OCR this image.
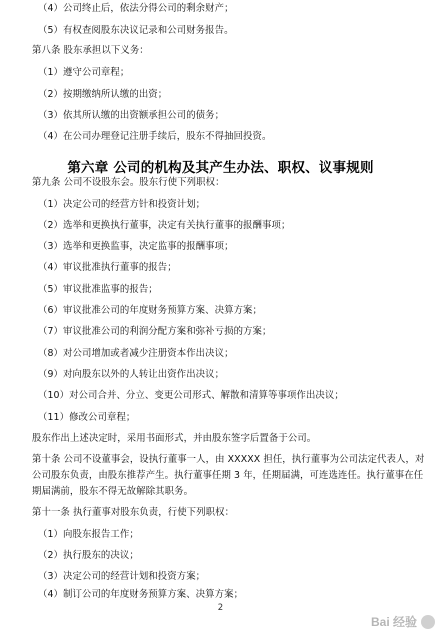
（4）公司终止后，依法分得公司的剩余财产；
（5）有权查阅股东决议记录和公司财务报告。
第八条 股东承担以下义务：
（1）遵守公司章程；
（2）按期缴纳所认缴的出资；
（3）依其所认缴的出资额承担公司的债务；
（4）在公司办理登记注册手续后，股东不得抽回投资。
第六章 公司的机构及其产生办法、职权、议事规则
第九条 公司不设股东会。股东行使下列职权：
（1）决定公司的经营方针和投资计划；
（2）选举和更换执行董事，决定有关执行董事的报酬事项；
（3）选举和更换监事，决定监事的报酬事项；
（4）审议批准执行董事的报告；
（5）审议批准监事的报告；
（6）审议批准公司的年度财务预算方案、决算方案；
（7）审议批准公司的利润分配方案和弥补亏损的方案；
（8）对公司增加或者减少注册资本作出决议；
（9）对向股东以外的人转让出资作出决议；
（10）对公司合并、分立、变更公司形式、解散和清算等事项作出决议；
（11）修改公司章程；
股东作出上述决定时，采用书面形式，并由股东签字后置备于公司。
第十条 公司不设董事会，设执行董事一人，由 XXXXX 担任，执行董事为公司法定代表人，对公司股东负责，由股东推荐产生。执行董事任期 3 年，任期届满，可连选连任。执行董事在任期届满前，股东不得无故解除其职务。
第十一条 执行董事对股东负责，行使下列职权：
（1）向股东报告工作；
（2）执行股东的决议；
（3）决定公司的经营计划和投资方案；
（4）制订公司的年度财务预算方案、决算方案；
2
Bai 经验
